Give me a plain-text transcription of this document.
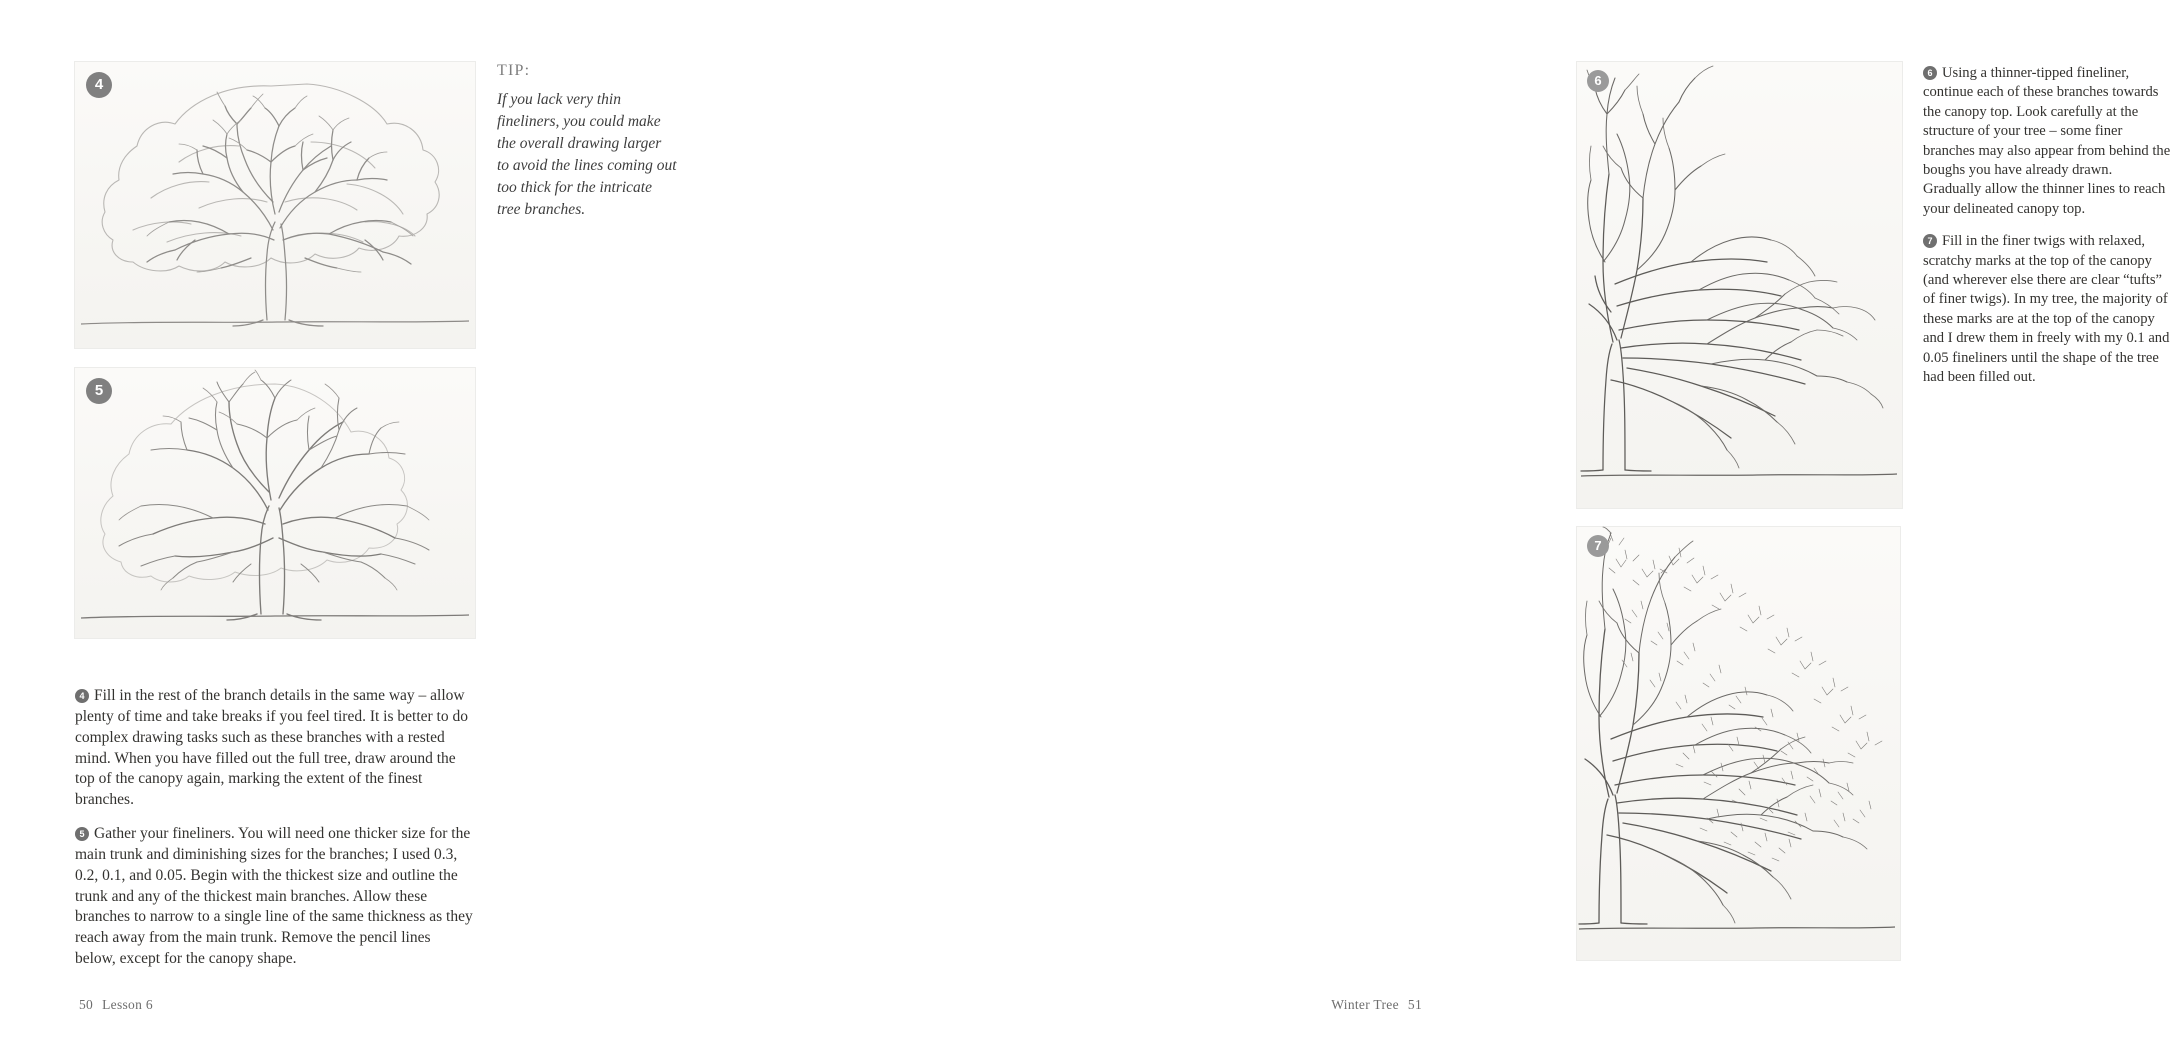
4
5

4 Fill in the rest of the branch details in the same way – allow plenty of time and take breaks if you feel tired. It is better to do complex drawing tasks such as these branches with a rested mind. When you have filled out the full tree, draw around the top of the canopy again, marking the extent of the finest branches.

5 Gather your fineliners. You will need one thicker size for the main trunk and diminishing sizes for the branches; I used 0.3, 0.2, 0.1, and 0.05. Begin with the thickest size and outline the trunk and any of the thickest main branches. Allow these branches to narrow to a single line of the same thickness as they reach away from the main trunk. Remove the pencil lines below, except for the canopy shape.

TIP:

If you lack very thin fineliners, you could make the overall drawing larger to avoid the lines coming out too thick for the intricate tree branches.

50 Lesson 6
6
7

6 Using a thinner-tipped fineliner, continue each of these branches towards the canopy top. Look carefully at the structure of your tree – some finer branches may also appear from behind the boughs you have already drawn. Gradually allow the thinner lines to reach your delineated canopy top.

7 Fill in the finer twigs with relaxed, scratchy marks at the top of the canopy (and wherever else there are clear “tufts” of finer twigs). In my tree, the majority of these marks are at the top of the canopy and I drew them in freely with my 0.1 and 0.05 fineliners until the shape of the tree had been filled out.

Winter Tree 51
